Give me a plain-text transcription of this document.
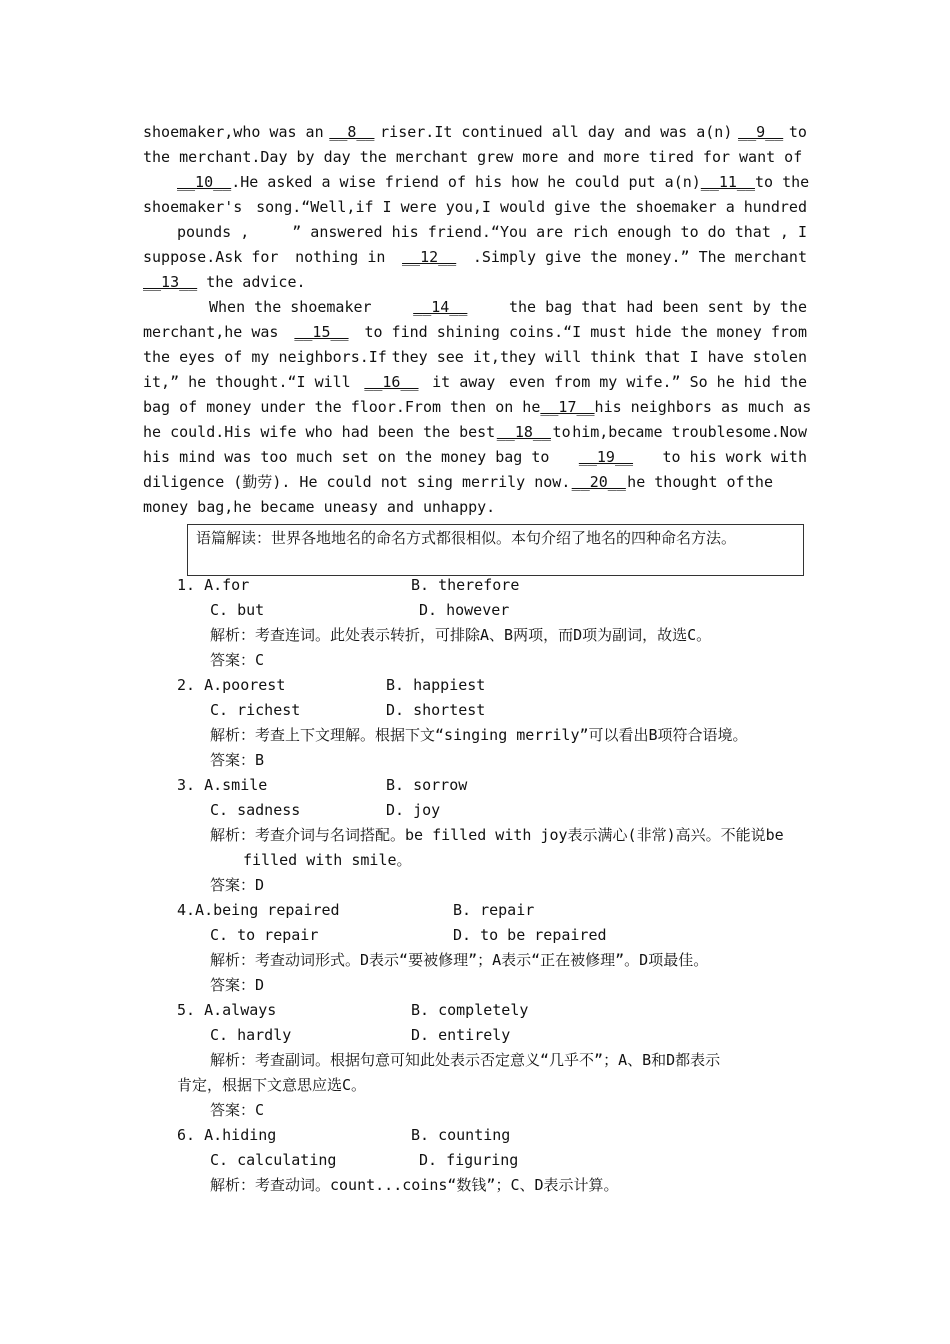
shoemaker,who was an __8__ riser.It continued all day and was a(n) __9__ to
the merchant.Day by day the merchant grew more and more tired for want of
__10__ .He asked a wise friend of his how he could put a(n) __11__ to the
shoemaker's song.“Well,if I were you,I would give the shoemaker a hundred
pounds ,	” answered his friend.“You are rich enough to do that , I
suppose.Ask for nothing in __12__ .Simply give the money.” The merchant
__13__ the advice.
When the shoemaker	__14__	the bag that had been sent by the
merchant,he was __15__ to find shining coins.“I must hide the money from
the eyes of my neighbors.If they see it,they will think that I have stolen
it,” he thought.“I will __16__ it away even from my wife.” So he hid the
bag of money under the floor.From then on he __17__ his neighbors as much as
he could.His wife who had been the best __18__ to him,became troublesome.Now
his mind was too much set on the money bag to __19__ to his work with
diligence (勤劳). He could not sing merrily now. __20__ he thought of the
money bag,he became uneasy and unhappy.
语篇解读：世界各地地名的命名方式都很相似。本句介绍了地名的四种命名方法。
1. A.for	B. therefore
C. but	D. however
解析：考查连词。此处表示转折，可排除A、B两项，而D项为副词，故选C。
答案：C
2. A.poorest	B. happiest
C. richest	D. shortest
解析：考查上下文理解。根据下文“singing merrily”可以看出B项符合语境。
答案：B
3. A.smile	B. sorrow
C. sadness	D. joy
解析：考查介词与名词搭配。be filled with joy表示满心(非常)高兴。不能说be
filled with smile。
答案：D
4.A.being repaired	B. repair
C. to repair	D. to be repaired
解析：考查动词形式。D表示“要被修理”；A表示“正在被修理”。D项最佳。
答案：D
5. A.always	B. completely
C. hardly	D. entirely
解析：考查副词。根据句意可知此处表示否定意义“几乎不”；A、B和D都表示
肯定，根据下文意思应选C。
答案：C
6. A.hiding	B. counting
C. calculating	D. figuring
解析：考查动词。count...coins“数钱”；C、D表示计算。
